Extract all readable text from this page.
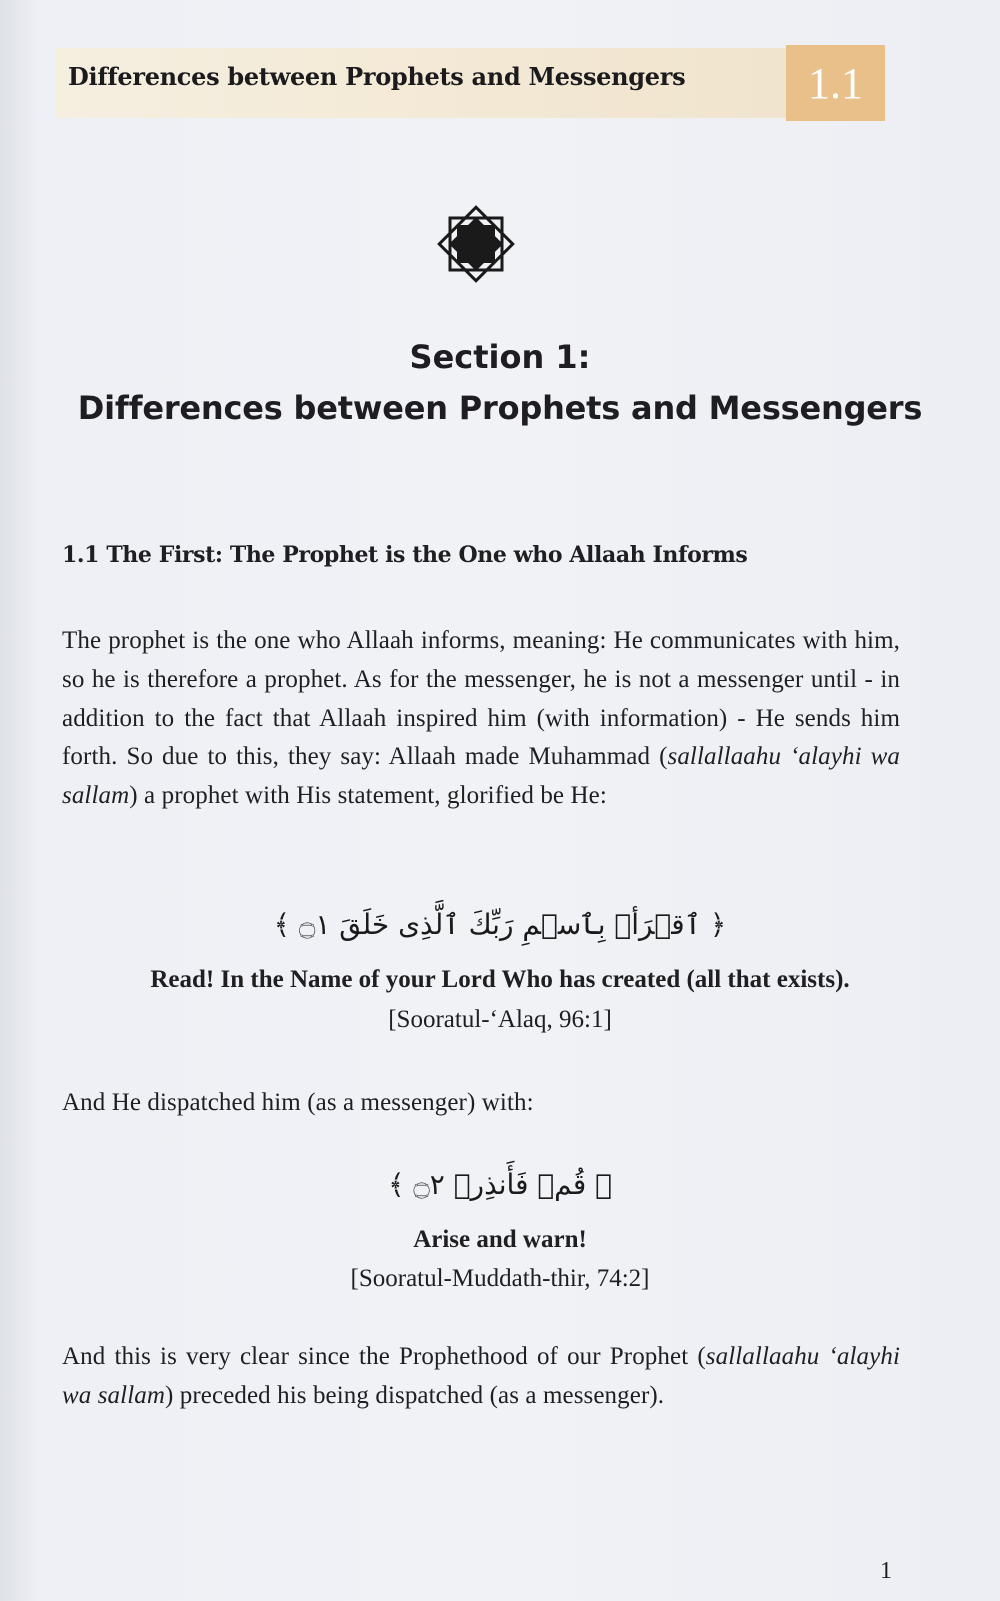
Differences between Prophets and Messengers	1.1
Section 1:
Differences between Prophets and Messengers
1.1 The First: The Prophet is the One who Allaah Informs
The prophet is the one who Allaah informs, meaning: He communicates with him, so he is therefore a prophet. As for the messenger, he is not a messenger until - in addition to the fact that Allaah inspired him (with information) - He sends him forth. So due to this, they say: Allaah made Muhammad (sallallaahu ‘alayhi wa sallam) a prophet with His statement, glorified be He:
﴿ ٱقۡرَأۡ بِٱسۡمِ رَبِّكَ ٱلَّذِى خَلَقَ ۝١ ﴾
Read! In the Name of your Lord Who has created (all that exists).
[Sooratul-‘Alaq, 96:1]
And He dispatched him (as a messenger) with:
﴿ قُمۡ فَأَنذِرۡ ۝٢ ﴾
Arise and warn!
[Sooratul-Muddath-thir, 74:2]
And this is very clear since the Prophethood of our Prophet (sallallaahu ‘alayhi wa sallam) preceded his being dispatched (as a messenger).
1
